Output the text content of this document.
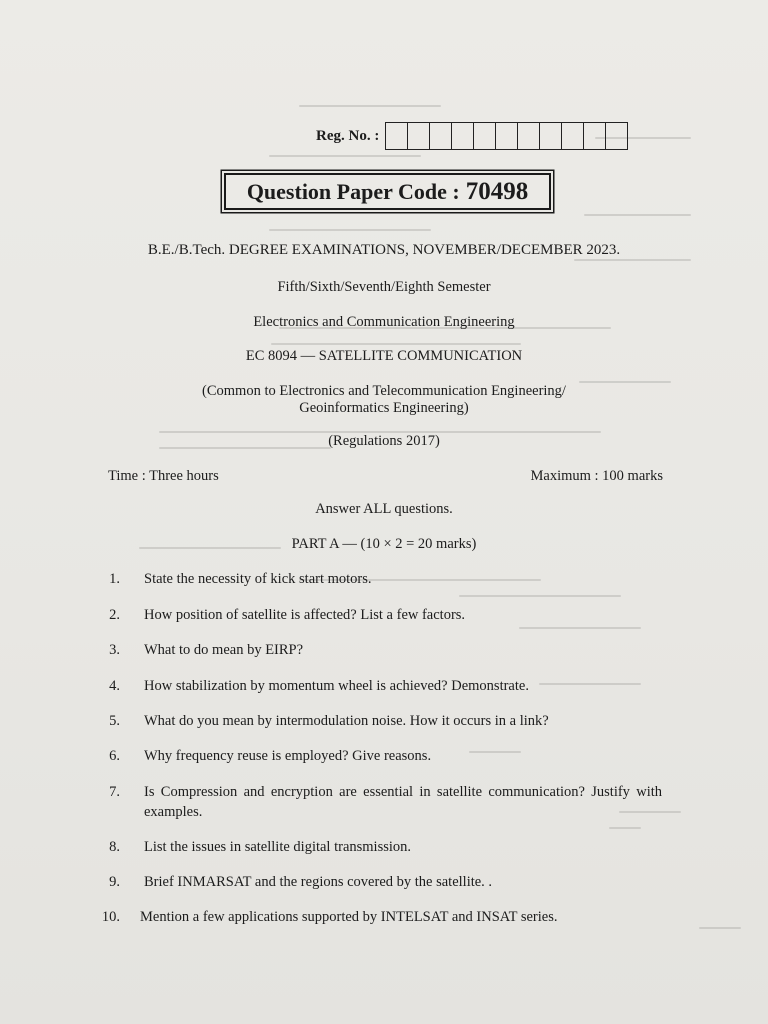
Reg. No. :
Question Paper Code : 70498
B.E./B.Tech. DEGREE EXAMINATIONS, NOVEMBER/DECEMBER 2023.
Fifth/Sixth/Seventh/Eighth Semester
Electronics and Communication Engineering
EC 8094 — SATELLITE COMMUNICATION
(Common to Electronics and Telecommunication Engineering/
Geoinformatics Engineering)
(Regulations 2017)
Time : Three hours	Maximum : 100 marks
Answer ALL questions.
PART A — (10 × 2 = 20 marks)
1. State the necessity of kick start motors.
2. How position of satellite is affected? List a few factors.
3. What to do mean by EIRP?
4. How stabilization by momentum wheel is achieved? Demonstrate.
5. What do you mean by intermodulation noise. How it occurs in a link?
6. Why frequency reuse is employed? Give reasons.
7. Is Compression and encryption are essential in satellite communication? Justify with examples.
8. List the issues in satellite digital transmission.
9. Brief INMARSAT and the regions covered by the satellite. .
10. Mention a few applications supported by INTELSAT and INSAT series.
